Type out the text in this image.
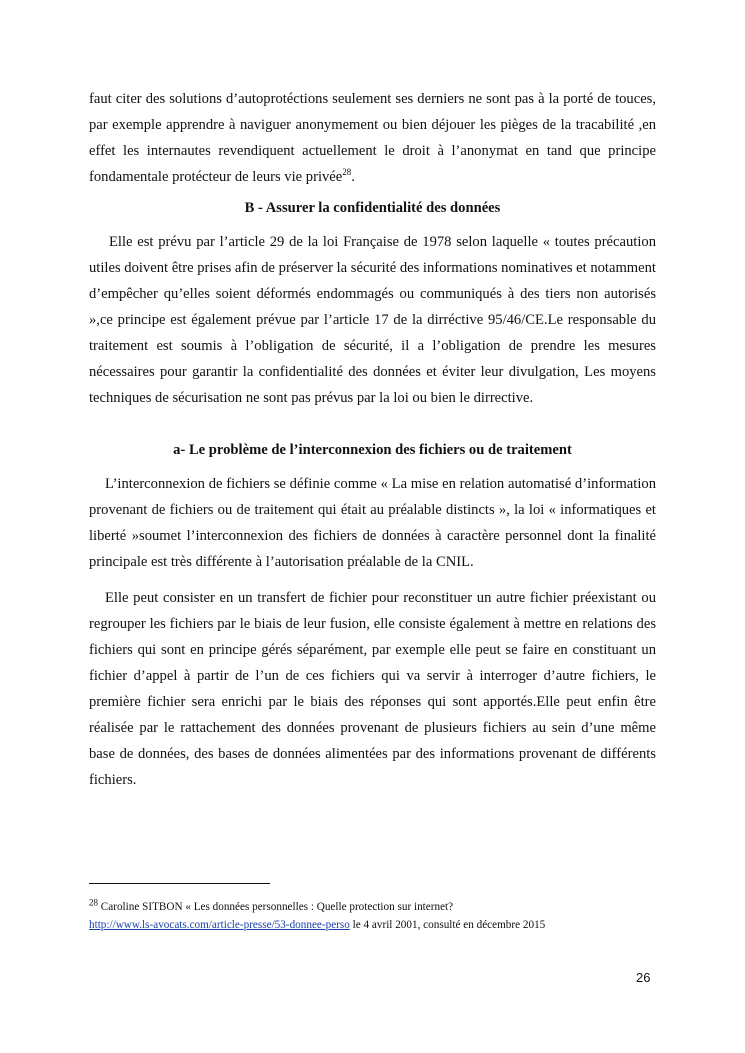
faut citer des solutions d’autoprotéctions seulement ses derniers ne sont pas à la porté de touces, par exemple apprendre à naviguer anonymement ou bien déjouer les pièges de la tracabilité ,en effet les internautes revendiquent actuellement le droit à l’anonymat en tand que principe fondamentale protécteur de leurs vie privée$^{28}$.

B - Assurer la confidentialité des données

Elle est prévu par l’article 29 de la loi Française de 1978 selon laquelle « toutes précaution utiles doivent être prises afin de préserver la sécurité des informations nominatives et notamment d’empêcher qu’elles soient déformés endommagés ou communiqués à des tiers non autorisés »,ce principe est également prévue par l’article 17 de la dirréctive 95/46/CE.Le responsable du traitement est soumis à l’obligation de sécurité, il a l’obligation de prendre les mesures nécessaires pour garantir la confidentialité des données et éviter leur divulgation, Les moyens techniques de sécurisation ne sont pas prévus par la loi ou bien le dirrective.

a- Le problème de l’interconnexion des fichiers ou de traitement

L’interconnexion de fichiers se définie comme « La mise en relation automatisé d’information provenant de fichiers ou de traitement qui était au préalable distincts », la loi « informatiques et liberté »soumet l’interconnexion des fichiers de données à caractère personnel dont la finalité principale est très différente à l’autorisation préalable de la CNIL.

Elle peut consister en un transfert de fichier pour reconstituer un autre fichier préexistant ou regrouper les fichiers par le biais de leur fusion, elle consiste également à mettre en relations des fichiers qui sont en principe gérés séparément, par exemple elle peut se faire en constituant un fichier d’appel à partir de l’un de ces fichiers qui va servir à interroger d’autre fichiers, le première fichier sera enrichi par le biais des réponses qui sont apportés.Elle peut enfin être réalisée par le rattachement des données provenant de plusieurs fichiers au sein d’une même base de données, des bases de données alimentées par des informations provenant de différents fichiers.

$^{28}$ Caroline SITBON « Les données personnelles : Quelle protection sur internet?
http://www.ls-avocats.com/article-presse/53-donnee-perso le 4 avril 2001, consulté en décembre 2015
26
